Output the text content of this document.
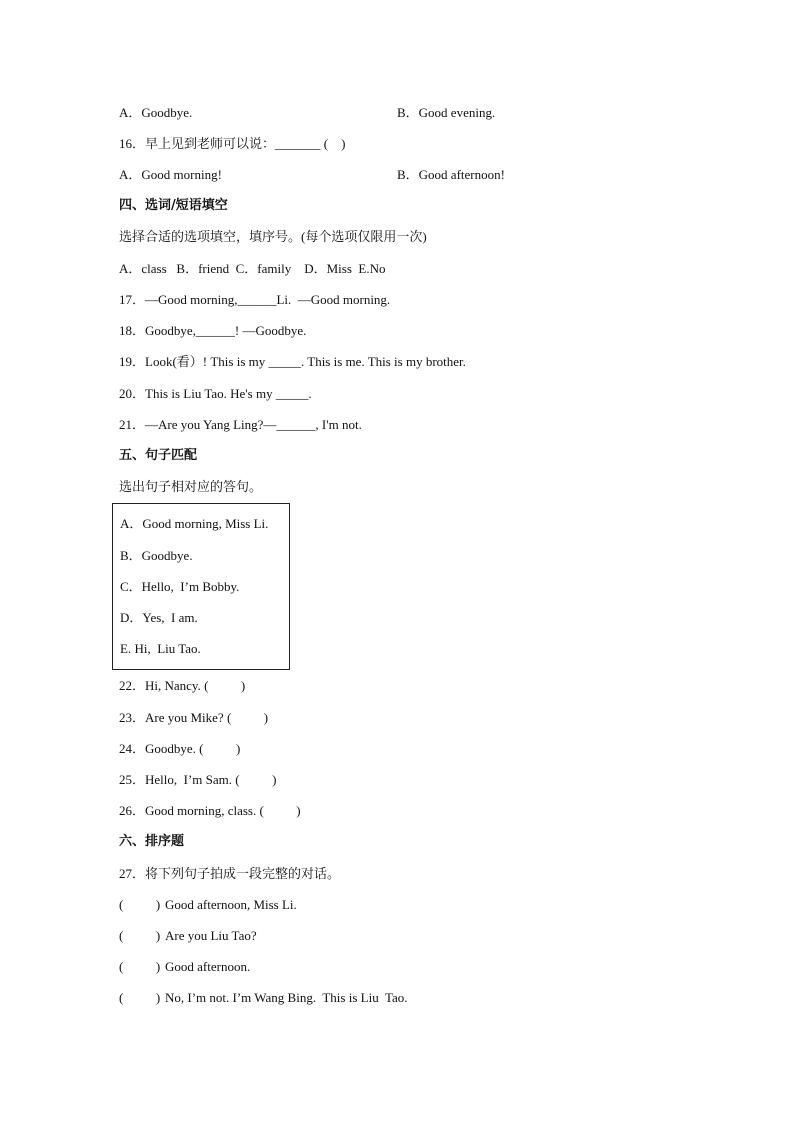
A．Goodbye.	B．Good evening.
16．早上见到老师可以说：_______ (    )
A．Good morning!	B．Good afternoon!
四、选词/短语填空
选择合适的选项填空，填序号。(每个选项仅限用一次)
A．class   B．friend  C．family    D．Miss  E.No
17．—Good morning,______Li.  —Good morning.
18．Goodbye,______! —Goodbye.
19．Look(看）! This is my _____. This is me. This is my brother.
20．This is Liu Tao. He's my _____.
21．—Are you Yang Ling?—______, I'm not.
五、句子匹配
选出句子相对应的答句。
A．Good morning, Miss Li.
B．Goodbye.
C．Hello,  I’m Bobby.
D．Yes,  I am.
E. Hi,  Liu Tao.
22．Hi, Nancy. (          )
23．Are you Mike? (          )
24．Goodbye. (          )
25．Hello,  I’m Sam. (          )
26．Good morning, class. (          )
六、排序题
27．将下列句子拍成一段完整的对话。
(          ) Good afternoon, Miss Li.
(          ) Are you Liu Tao?
(          ) Good afternoon.
(          ) No, I’m not. I’m Wang Bing.  This is Liu  Tao.
